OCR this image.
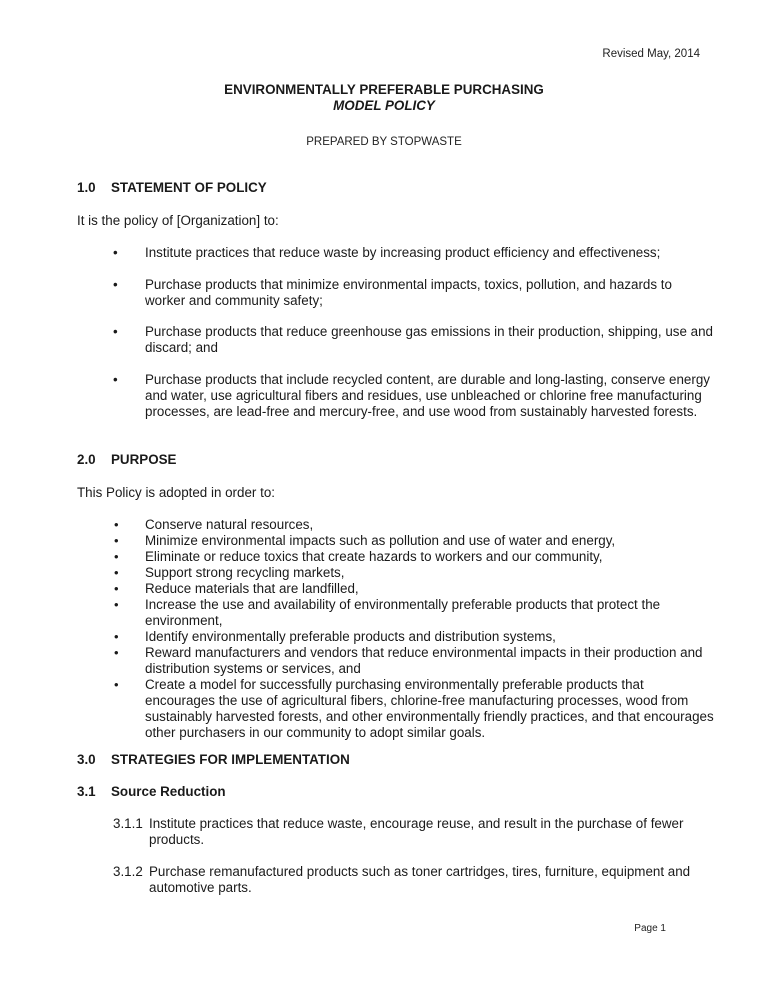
Revised May, 2014
ENVIRONMENTALLY PREFERABLE PURCHASING
MODEL POLICY
PREPARED BY STOPWASTE
1.0 STATEMENT OF POLICY
It is the policy of [Organization] to:
• Institute practices that reduce waste by increasing product efficiency and effectiveness;
• Purchase products that minimize environmental impacts, toxics, pollution, and hazards to worker and community safety;
• Purchase products that reduce greenhouse gas emissions in their production, shipping, use and discard; and
• Purchase products that include recycled content, are durable and long-lasting, conserve energy and water, use agricultural fibers and residues, use unbleached or chlorine free manufacturing processes, are lead-free and mercury-free, and use wood from sustainably harvested forests.
2.0 PURPOSE
This Policy is adopted in order to:
• Conserve natural resources,
• Minimize environmental impacts such as pollution and use of water and energy,
• Eliminate or reduce toxics that create hazards to workers and our community,
• Support strong recycling markets,
• Reduce materials that are landfilled,
• Increase the use and availability of environmentally preferable products that protect the environment,
• Identify environmentally preferable products and distribution systems,
• Reward manufacturers and vendors that reduce environmental impacts in their production and distribution systems or services, and
• Create a model for successfully purchasing environmentally preferable products that encourages the use of agricultural fibers, chlorine-free manufacturing processes, wood from sustainably harvested forests, and other environmentally friendly practices, and that encourages other purchasers in our community to adopt similar goals.
3.0 STRATEGIES FOR IMPLEMENTATION
3.1 Source Reduction
3.1.1 Institute practices that reduce waste, encourage reuse, and result in the purchase of fewer products.
3.1.2 Purchase remanufactured products such as toner cartridges, tires, furniture, equipment and automotive parts.
Page 1
